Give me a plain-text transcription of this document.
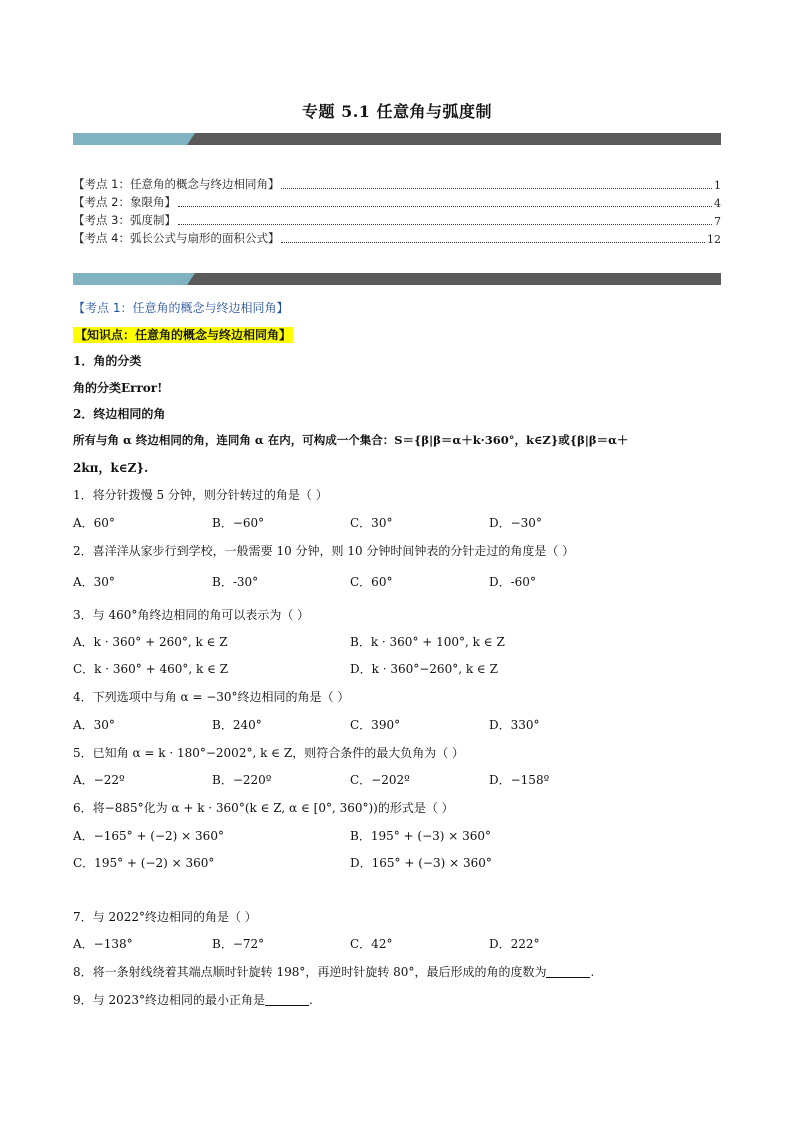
专题 5.1 任意角与弧度制
【考点 1：任意角的概念与终边相同角】	1
【考点 2：象限角】	4
【考点 3：弧度制】	7
【考点 4：弧长公式与扇形的面积公式】	12
【考点 1：任意角的概念与终边相同角】
【知识点：任意角的概念与终边相同角】
1．角的分类
角的分类Error!
2．终边相同的角
所有与角 α 终边相同的角，连同角 α 在内，可构成一个集合：S＝{β|β＝α＋k·360°，k∈Z}或{β|β＝α＋
2kπ，k∈Z}.
1．将分针拨慢 5 分钟，则分针转过的角是（ ）
A．60°	B．−60°	C．30°	D．−30°
2．喜洋洋从家步行到学校，一般需要 10 分钟，则 10 分钟时间钟表的分针走过的角度是（ ）
A．30°	B．-30°	C．60°	D．-60°
3．与 460°角终边相同的角可以表示为（ ）
A．k · 360° + 260°, k ∈ Z	B．k · 360° + 100°, k ∈ Z
C．k · 360° + 460°, k ∈ Z	D．k · 360°−260°, k ∈ Z
4．下列选项中与角 α = −30°终边相同的角是（ ）
A．30°	B．240°	C．390°	D．330°
5．已知角 α = k · 180°−2002°, k ∈ Z，则符合条件的最大负角为（ ）
A．−22º	B．−220º	C．−202º	D．−158º
6．将−885°化为 α + k · 360°(k ∈ Z, α ∈ [0°, 360°))的形式是（ ）
A．−165° + (−2) × 360°	B．195° + (−3) × 360°
C．195° + (−2) × 360°	D．165° + (−3) × 360°
7．与 2022°终边相同的角是（ ）
A．−138°	B．−72°	C．42°	D．222°
8．将一条射线绕着其端点顺时针旋转 198°，再逆时针旋转 80°，最后形成的角的度数为	.
9．与 2023°终边相同的最小正角是	.
